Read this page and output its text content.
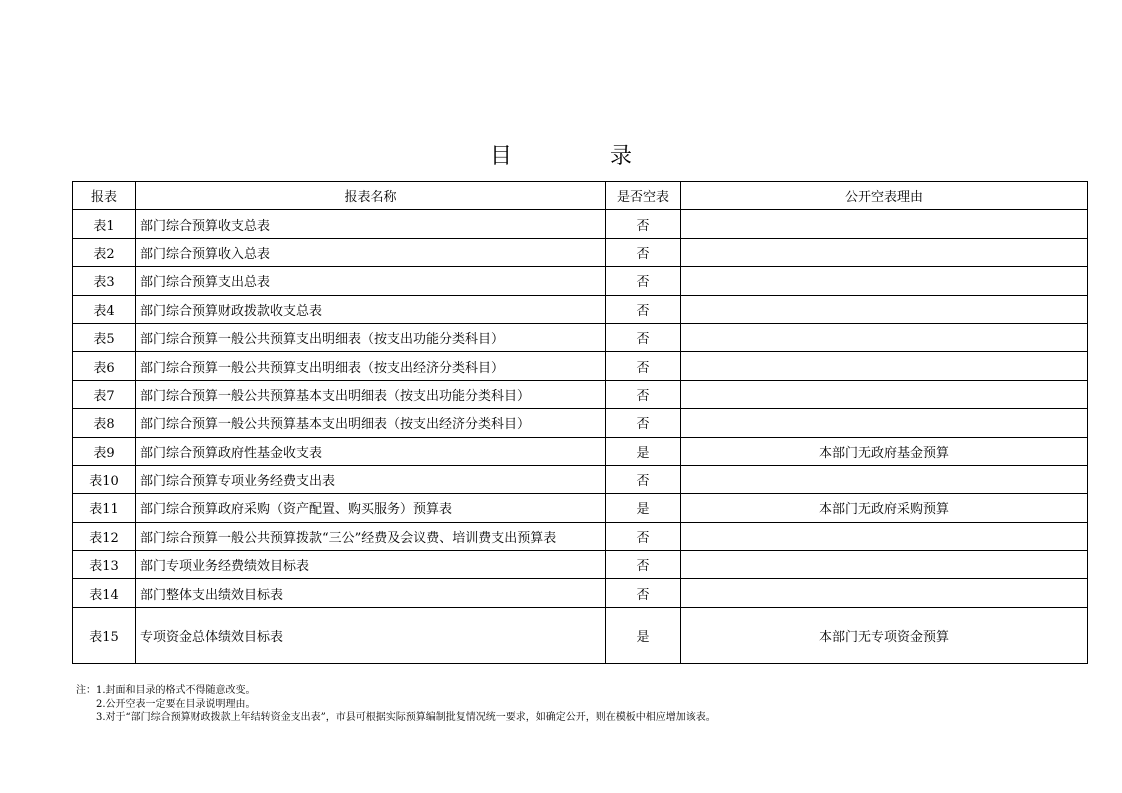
目　录
报表	报表名称	是否空表	公开空表理由
表1	部门综合预算收支总表	否	
表2	部门综合预算收入总表	否	
表3	部门综合预算支出总表	否	
表4	部门综合预算财政拨款收支总表	否	
表5	部门综合预算一般公共预算支出明细表（按支出功能分类科目）	否	
表6	部门综合预算一般公共预算支出明细表（按支出经济分类科目）	否	
表7	部门综合预算一般公共预算基本支出明细表（按支出功能分类科目）	否	
表8	部门综合预算一般公共预算基本支出明细表（按支出经济分类科目）	否	
表9	部门综合预算政府性基金收支表	是	本部门无政府基金预算
表10	部门综合预算专项业务经费支出表	否	
表11	部门综合预算政府采购（资产配置、购买服务）预算表	是	本部门无政府采购预算
表12	部门综合预算一般公共预算拨款“三公”经费及会议费、培训费支出预算表	否	
表13	部门专项业务经费绩效目标表	否	
表14	部门整体支出绩效目标表	否	
表15	专项资金总体绩效目标表	是	本部门无专项资金预算
注：1.封面和目录的格式不得随意改变。
2.公开空表一定要在目录说明理由。
3.对于“部门综合预算财政拨款上年结转资金支出表”，市县可根据实际预算编制批复情况统一要求，如确定公开，则在模板中相应增加该表。
